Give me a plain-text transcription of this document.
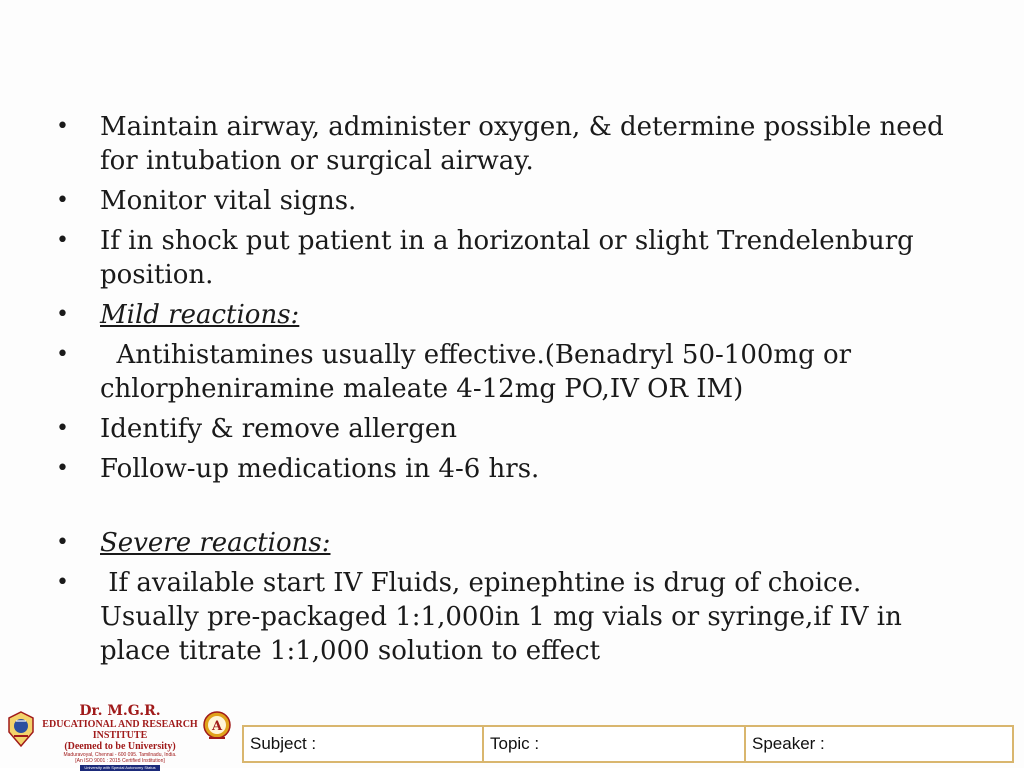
•	Maintain airway, administer oxygen, & determine possible need for intubation or surgical airway.
•	Monitor vital signs.
•	If in shock put patient in a horizontal or slight Trendelenburg position.
•	Mild reactions:
•	Antihistamines usually effective.(Benadryl 50-100mg or chlorpheniramine maleate 4-12mg PO,IV OR IM)
•	Identify & remove allergen
•	Follow-up medications in 4-6 hrs.
•	Severe reactions:
•	If available start IV Fluids, epinephtine is drug of choice. Usually pre-packaged 1:1,000in 1 mg vials or syringe,if IV in place titrate 1:1,000 solution to effect
Dr. M.G.R.
EDUCATIONAL AND RESEARCH INSTITUTE
(Deemed to be University)
Maduravoyal, Chennai - 600 095. Tamilnadu, India.
[An ISO 9001 : 2015 Certified Institution]
University with Special Autonomy Status
A
Subject :	Topic :	Speaker :
